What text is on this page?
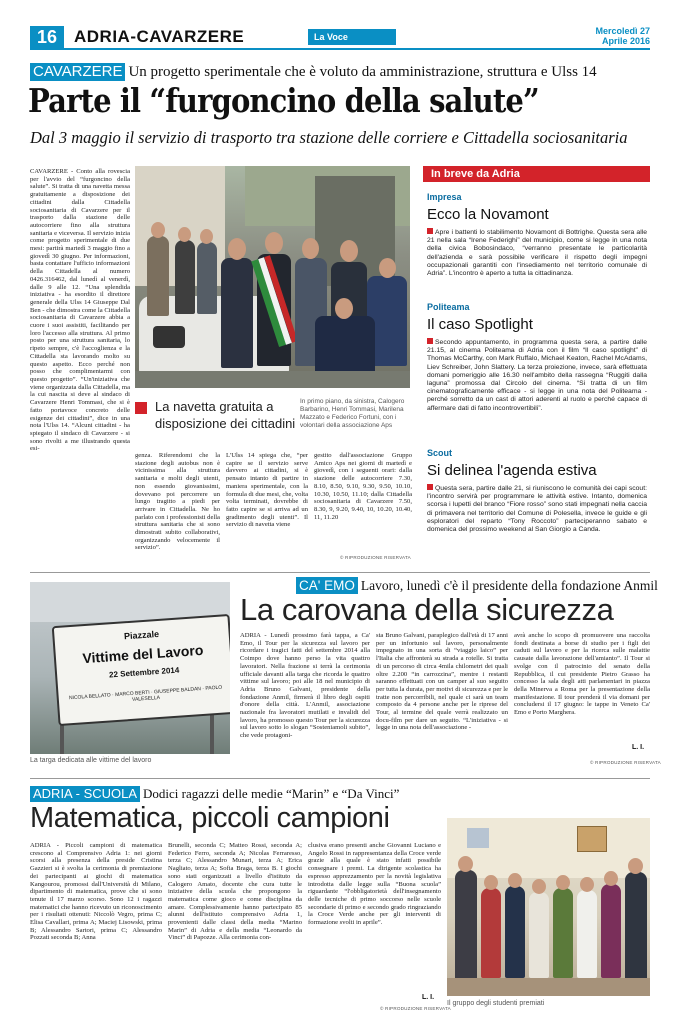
16 ADRIA-CAVARZERE	La Voce
Mercoledì 27
Aprile 2016
CAVARZERE Un progetto sperimentale che è voluto da amministrazione, struttura e Ulss 14
Parte il “furgoncino della salute”
Dal 3 maggio il servizio di trasporto tra stazione delle corriere e Cittadella sociosanitaria
CAVARZERE - Conto alla rovescia per l'avvio del “furgoncino della salute”. Si tratta di una navetta messa gratuitamente a disposizione dei cittadini dalla Cittadella sociosanitaria di Cavarzere per il trasporto dalla stazione delle autocorriere fino alla struttura sanitaria e viceversa. Il servizio inizia come progetto sperimentale di due mesi: partirà martedì 3 maggio fino a giovedì 30 giugno. Per informazioni, basta contattare l'ufficio informazioni della Cittadella al numero 0426.316462, dal lunedì al venerdì, dalle 9 alle 12. “Una splendida iniziativa - ha esordito il direttore generale della Ulss 14 Giuseppe Dal Ben - che dimostra come la Cittadella sociosanitaria di Cavarzere abbia a cuore i suoi assistiti, facilitando per loro l'accesso alla struttura. Al primo posto per una struttura sanitaria, lo ripeto sempre, c'è l'accoglienza e la Cittadella sta lavorando molto su questo aspetto. Ecco perché non posso che complimentarmi con questo progetto”. “Un'iniziativa che viene organizzata dalla Cittadella, ma la cui nascita si deve al sindaco di Cavarzere Henri Tommasi, che si è fatto portavoce concreto delle esigenze dei cittadini”, dice in una nota l'Ulss 14. “Alcuni cittadini - ha spiegato il sindaco di Cavarzere - si sono rivolti a me illustrando questa esi-
La navetta gratuita a disposizione dei cittadini
In primo piano, da sinistra, Calogero Barbarino, Henri Tommasi, Marilena Mazzato e Federico Fortuni, con i volontari della associazione Aps
genza. Riferendomi che la stazione degli autobus non è vicinissima alla struttura sanitaria e molti degli utenti, non essendo giovanissimi, dovevano poi percorrere un lungo tragitto a piedi per arrivare in Cittadella. Ne ho parlato con i professionisti della struttura sanitaria che si sono dimostrati subito collaborativi, organizzando velocemente il servizio”.
L'Ulss 14 spiega che, “per capire se il servizio serve davvero ai cittadini, si è pensato intanto di partire in maniera sperimentale, con la formula di due mesi, che, volta volta terminati, dovrebbe di fatto capire se si arriva ad un gradimento degli utenti”. Il servizio di navetta viene
gestito dall'associazione Gruppo Amico Aps nei giorni di martedì e giovedì, con i seguenti orari: dalla stazione delle autocorriere 7.30, 8.10, 8.50, 9.10, 9.30, 9.50, 10.10, 10.30, 10.50, 11.10; dalla Cittadella sociosanitaria di Cavarzere 7.50, 8.30, 9, 9.20, 9.40, 10, 10.20, 10.40, 11, 11.20
© RIPRODUZIONE RISERVATA
In breve da Adria
Impresa
Ecco la Novamont
Apre i battenti lo stabilimento Novamont di Bottrighe. Questa sera alle 21 nella sala “Irene Federighi” del municipio, come si legge in una nota della civica Bobosindaco, “verranno presentate le particolarità dell'azienda e sarà possibile verificare il rispetto degli impegni occupazionali garantiti con l'insediamento nel territorio comunale di Adria”. L'incontro è aperto a tutta la cittadinanza.
Politeama
Il caso Spotlight
Secondo appuntamento, in programma questa sera, a partire dalle 21.15, al cinema Politeama di Adria con il film “Il caso spotlight” di Thomas McCarthy, con Mark Ruffalo, Michael Keaton, Rachel McAdams, Liev Schreiber, John Slattery. La terza proiezione, invece, sarà effettuata domani pomeriggio alle 16.30 nell'ambito della rassegna “Ruggiti dalla laguna” promossa dal Circolo del cinema. “Si tratta di un film cinematograficamente efficace - si legge in una nota del Politeama - perché sorretto da un cast di attori aderenti al ruolo e perché capace di affermare dati di fatto incontrovertibili”.
Scout
Si delinea l'agenda estiva
Questa sera, partire dalle 21, si riuniscono le comunità dei capi scout: l'incontro servirà per programmare le attività estive. Intanto, domenica scorsa i lupetti del branco “Fiore rosso” sono stati impegnati nella caccia di primavera nel territorio del Comune di Polesella, invece le guide e gli esploratori del reparto “Tony Roccoto” parteciperanno sabato e domenica del prossimo weekend al San Giorgio a Canda.
Piazzale
Vittime del Lavoro
22 Settembre 2014
NICOLA BELLATO · MARCO BERTI · GIUSEPPE BALDAN · PAOLO VALESELLA
La targa dedicata alle vittime del lavoro
CA' EMO Lavoro, lunedì c'è il presidente della fondazione Anmil
La carovana della sicurezza
ADRIA - Lunedì prossimo farà tappa, a Ca' Emo, il Tour per la sicurezza sul lavoro per ricordare i tragici fatti del settembre 2014 alla Coimpo dove hanno perso la vita quattro lavoratori. Nella frazione si terrà la cerimonia ufficiale davanti alla targa che ricorda le quattro vittime sul lavoro; poi alle 18 nel municipio di Adria Bruno Galvani, presidente della fondazione Anmil, firmerà il libro degli ospiti d'onore della città. L'Anmil, associazione nazionale fra lavoratori mutilati e invalidi del lavoro, ha promosso questo Tour per la sicurezza sul lavoro sotto lo slogan “Sosteniamoli subito”, che vede protagoni-
sta Bruno Galvani, paraplegico dall'età di 17 anni per un infortunio sul lavoro, personalmente impegnato in una sorta di “viaggio laico” per l'Italia che affronterà su strada a rotelle. Si tratta di un percorso di circa 4mila chilometri dei quali oltre 2.200 “in carrozzina”, mentre i restanti saranno effettuati con un camper al suo seguito per tutta la durata, per motivi di sicurezza e per le tratte non percorribili, nel quale ci sarà un team composto da 4 persone anche per le riprese del Tour, al termine del quale verrà realizzato un docu-film per dare un seguito. “L'iniziativa - si legge in una nota dell'associazione -
avrà anche lo scopo di promuovere una raccolta fondi destinata a borse di studio per i figli dei caduti sul lavoro e per la ricerca sulle malattie causate dalla lavorazione dell'amianto”. Il Tour si svolge con il patrocinio del senato della Repubblica, il cui presidente Pietro Grasso ha concesso la sala degli atti parlamentari in piazza della Minerva a Roma per la presentazione della manifestazione. Il tour prenderà il via domani per concludersi il 17 giugno: le tappe in Veneto Ca' Emo e Porto Marghera.
L. I.
© RIPRODUZIONE RISERVATA
ADRIA - SCUOLA Dodici ragazzi delle medie “Marin” e “Da Vinci”
Matematica, piccoli campioni
ADRIA - Piccoli campioni di matematica crescono al Comprensivo Adria 1: nei giorni scorsi alla presenza della preside Cristina Gazzieri si è svolta la cerimonia di premiazione dei partecipanti ai giochi di matematica Kangourou, promossi dall'Università di Milano, dipartimento di matematica, prove che si sono tenute il 17 marzo scorso. Sono 12 i ragazzi matematici che hanno ricevuto un riconoscimento per i risultati ottenuti: Niccolò Vegro, prima C; Elisa Cavallari, prima A; Maciej Lisowski, prima B; Alessandro Sartori, prima C; Alessandro Pozzati seconda B; Anna
Brunelli, seconda C; Matteo Rossi, seconda A; Federico Ferro, seconda A; Nicolas Ferraresso, terza C; Alessandro Munari, terza A; Erica Nagliato, terza A; Sofia Braga, terza B. I giochi sono stati organizzati a livello d'istituto da Calogero Amato, docente che cura tutte le iniziative della scuola che propongono la matematica come gioco e come disciplina da amare. Complessivamente hanno partecipato 85 alunni dell'istituto comprensivo Adria 1, provenienti dalle classi della media “Marino Marin” di Adria e della media “Leonardo da Vinci” di Papozze. Alla cerimonia con-
clusiva erano presenti anche Giovanni Luciano e Angelo Rossi in rappresentanza della Croce verde grazie alla quale è stato infatti possibile consegnare i premi. La dirigente scolastica ha espresso apprezzamento per la novità legislativa introdotta dalle legge sulla “Buona scuola” riguardante “l'obbligatorietà dell'insegnamento delle tecniche di primo soccorso nelle scuole secondarie di primo e secondo grado ringraziando la Croce Verde anche per gli interventi di formazione svolti in aprile”.
L. I.
© RIPRODUZIONE RISERVATA
Il gruppo degli studenti premiati
